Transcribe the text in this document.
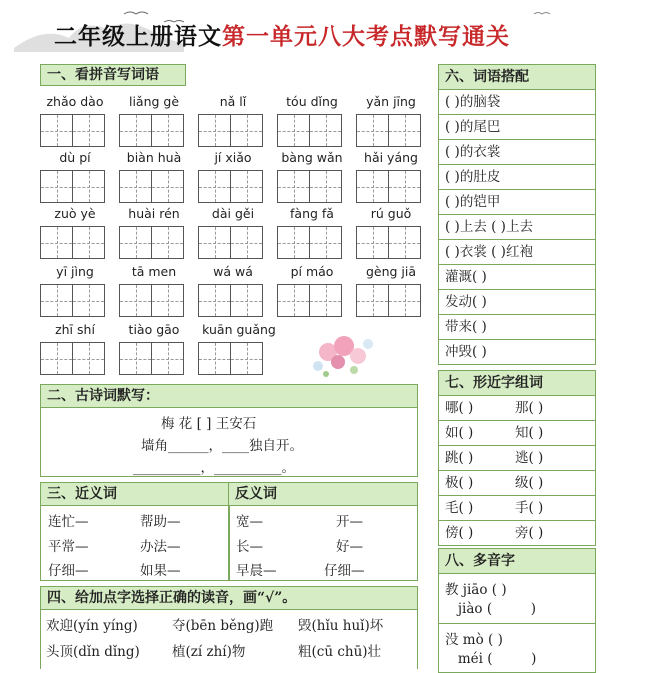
二年级上册语文第一单元八大考点默写通关
一、看拼音写词语
zhǎo dào	liǎng gè	nǎ lǐ	tóu dǐng	yǎn jīng
dù pí	biàn huà	jí xiǎo	bàng wǎn	hǎi yáng
zuò yè	huài rén	dài gěi	fàng fǎ	rú guǒ
yī jìng	tā men	wá wá	pí máo	gèng jiā
zhī shí	tiào gāo	kuān guǎng
二、古诗词默写：
梅 花 [ ] 王安石
墙角______，____独自开。
__________，__________。
三、近义词	反义词
连忙—	帮助—	宽—	开—
平常—	办法—	长—	好—
仔细—	如果—	早晨—	仔细—
四、给加点字选择正确的读音，画“√”。
欢迎(yín yíng)	夺(bēn běng)跑 毁(hǐu huǐ)坏
头顶(dǐn dǐng) 植(zí zhí)物	粗(cū chū)壮
六、词语搭配
( )的脑袋
( )的尾巴
( )的衣裳
( )的肚皮
( )的铠甲
( )上去 ( )上去
( )衣裳 ( )红袍
灌溉( )
发动( )
带来( )
冲毁( )
七、形近字组词
哪( )	那( )
如( )	知( )
跳( )	逃( )
极( )	级( )
毛( )	手( )
傍( )	旁( )
八、多音字
教 jiāo ( )
jiào (         )
没 mò ( )
méi (         )
